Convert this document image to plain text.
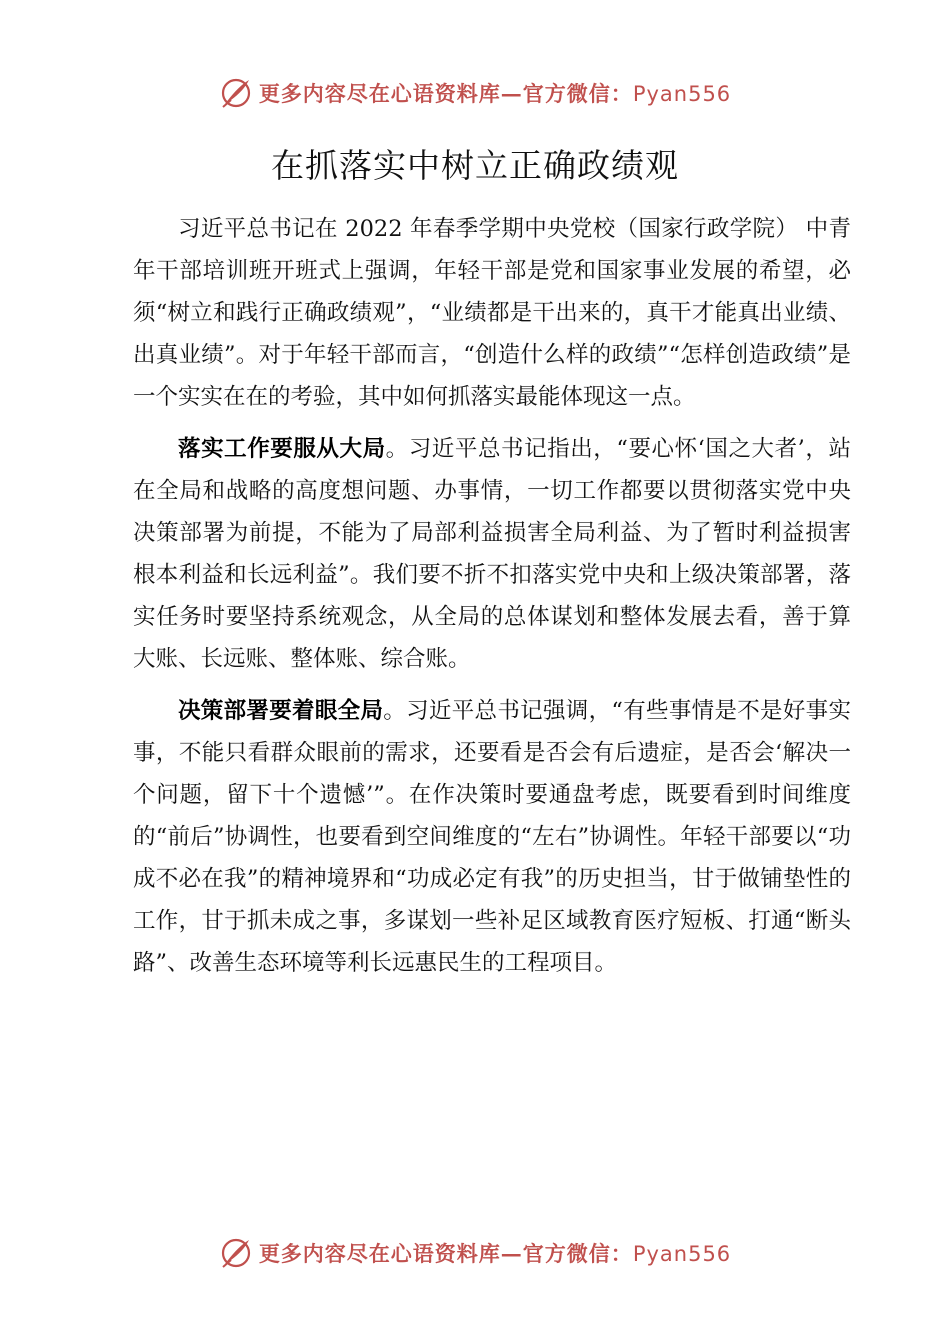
更多内容尽在心语资料库—官方微信：Pyan556
在抓落实中树立正确政绩观

习近平总书记在 2022 年春季学期中央党校（国家行政学院） 中青年干部培训班开班式上强调，年轻干部是党和国家事业发展的希望，必须“树立和践行正确政绩观”，“业绩都是干出来的，真干才能真出业绩、出真业绩”。对于年轻干部而言，“创造什么样的政绩”“怎样创造政绩”是一个实实在在的考验，其中如何抓落实最能体现这一点。

落实工作要服从大局。习近平总书记指出，“要心怀‘国之大者’，站在全局和战略的高度想问题、办事情，一切工作都要以贯彻落实党中央决策部署为前提，不能为了局部利益损害全局利益、为了暂时利益损害根本利益和长远利益”。我们要不折不扣落实党中央和上级决策部署，落实任务时要坚持系统观念，从全局的总体谋划和整体发展去看，善于算大账、长远账、整体账、综合账。

决策部署要着眼全局。习近平总书记强调，“有些事情是不是好事实事，不能只看群众眼前的需求，还要看是否会有后遗症，是否会‘解决一个问题，留下十个遗憾’”。在作决策时要通盘考虑，既要看到时间维度的“前后”协调性，也要看到空间维度的“左右”协调性。年轻干部要以“功成不必在我”的精神境界和“功成必定有我”的历史担当，甘于做铺垫性的工作，甘于抓未成之事，多谋划一些补足区域教育医疗短板、打通“断头路”、改善生态环境等利长远惠民生的工程项目。

更多内容尽在心语资料库—官方微信：Pyan556
